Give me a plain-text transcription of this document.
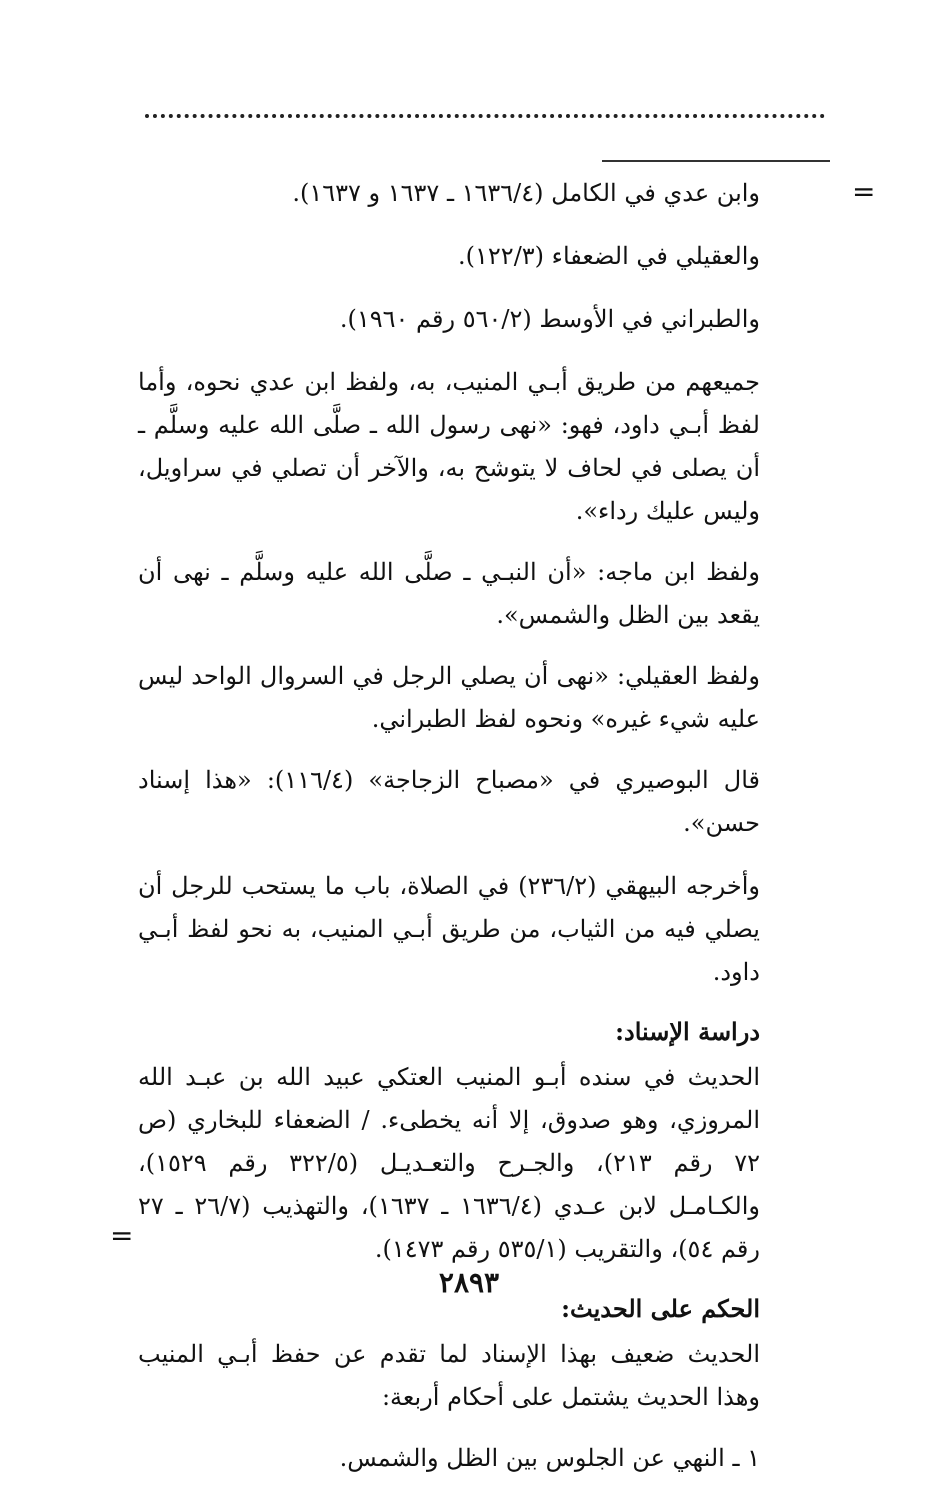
=

وابن عدي في الكامل (١٦٣٦/٤ ـ ١٦٣٧ و ١٦٣٧).

والعقيلي في الضعفاء (١٢٢/٣).

والطبراني في الأوسط (٥٦٠/٢ رقم ١٩٦٠).

جميعهم من طريق أبـي المنيب، به، ولفظ ابن عدي نحوه، وأما لفظ أبـي داود، فهو: «نهى رسول الله ـ صلَّى الله عليه وسلَّم ـ أن يصلى في لحاف لا يتوشح به، والآخر أن تصلي في سراويل، وليس عليك رداء».

ولفظ ابن ماجه: «أن النبـي ـ صلَّى الله عليه وسلَّم ـ نهى أن يقعد بين الظل والشمس».

ولفظ العقيلي: «نهى أن يصلي الرجل في السروال الواحد ليس عليه شيء غيره» ونحوه لفظ الطبراني.

قال البوصيري في «مصباح الزجاجة» (١١٦/٤): «هذا إسناد حسن».

وأخرجه البيهقي (٢٣٦/٢) في الصلاة، باب ما يستحب للرجل أن يصلي فيه من الثياب، من طريق أبـي المنيب، به نحو لفظ أبـي داود.

دراسة الإسناد:

الحديث في سنده أبـو المنيب العتكي عبيد الله بن عبـد الله المروزي، وهو صدوق، إلا أنه يخطىء. / الضعفاء للبخاري (ص ٧٢ رقم ٢١٣)، والجـرح والتعـديـل (٣٢٢/٥ رقم ١٥٢٩)، والكـامـل لابن عـدي (١٦٣٦/٤ ـ ١٦٣٧)، والتهذيب (٢٦/٧ ـ ٢٧ رقم ٥٤)، والتقريب (٥٣٥/١ رقم ١٤٧٣).

الحكم على الحديث:

الحديث ضعيف بهذا الإسناد لما تقدم عن حفظ أبـي المنيب وهذا الحديث يشتمل على أحكام أربعة:

١ ـ النهي عن الجلوس بين الظل والشمس.

=
٢٨٩٣
